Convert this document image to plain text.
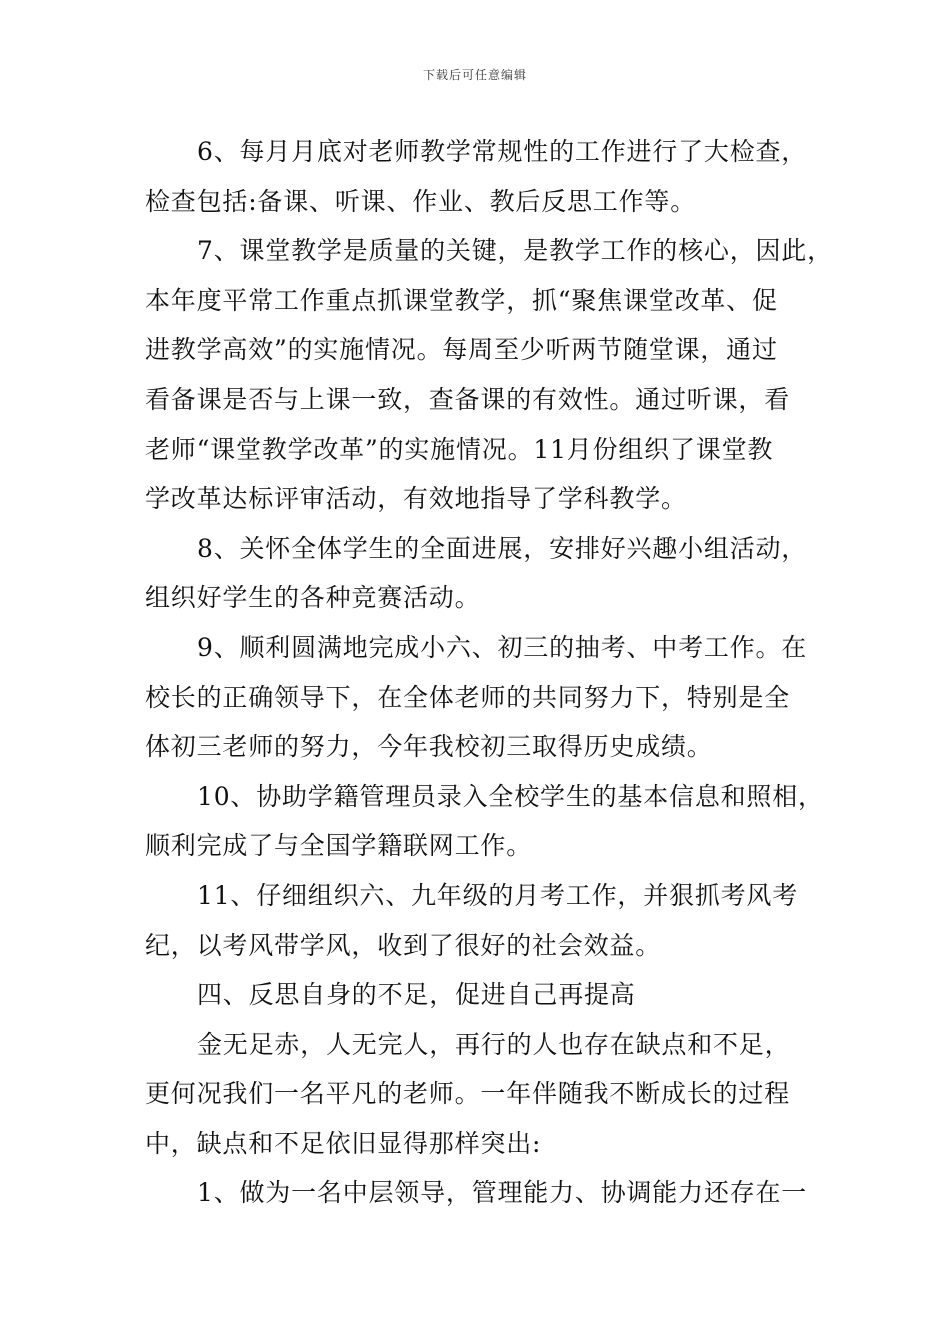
下载后可任意编辑
6、每月月底对老师教学常规性的工作进行了大检查，
检查包括:备课、听课、作业、教后反思工作等。
7、课堂教学是质量的关键，是教学工作的核心，因此，
本年度平常工作重点抓课堂教学，抓“聚焦课堂改革、促
进教学高效”的实施情况。每周至少听两节随堂课，通过
看备课是否与上课一致，查备课的有效性。通过听课，看
老师“课堂教学改革”的实施情况。11月份组织了课堂教
学改革达标评审活动，有效地指导了学科教学。
8、关怀全体学生的全面进展，安排好兴趣小组活动，
组织好学生的各种竞赛活动。
9、顺利圆满地完成小六、初三的抽考、中考工作。在
校长的正确领导下，在全体老师的共同努力下，特别是全
体初三老师的努力，今年我校初三取得历史成绩。
10、协助学籍管理员录入全校学生的基本信息和照相，
顺利完成了与全国学籍联网工作。
11、仔细组织六、九年级的月考工作，并狠抓考风考
纪，以考风带学风，收到了很好的社会效益。
四、反思自身的不足，促进自己再提高
金无足赤，人无完人，再行的人也存在缺点和不足，
更何况我们一名平凡的老师。一年伴随我不断成长的过程
中，缺点和不足依旧显得那样突出:
1、做为一名中层领导，管理能力、协调能力还存在一
